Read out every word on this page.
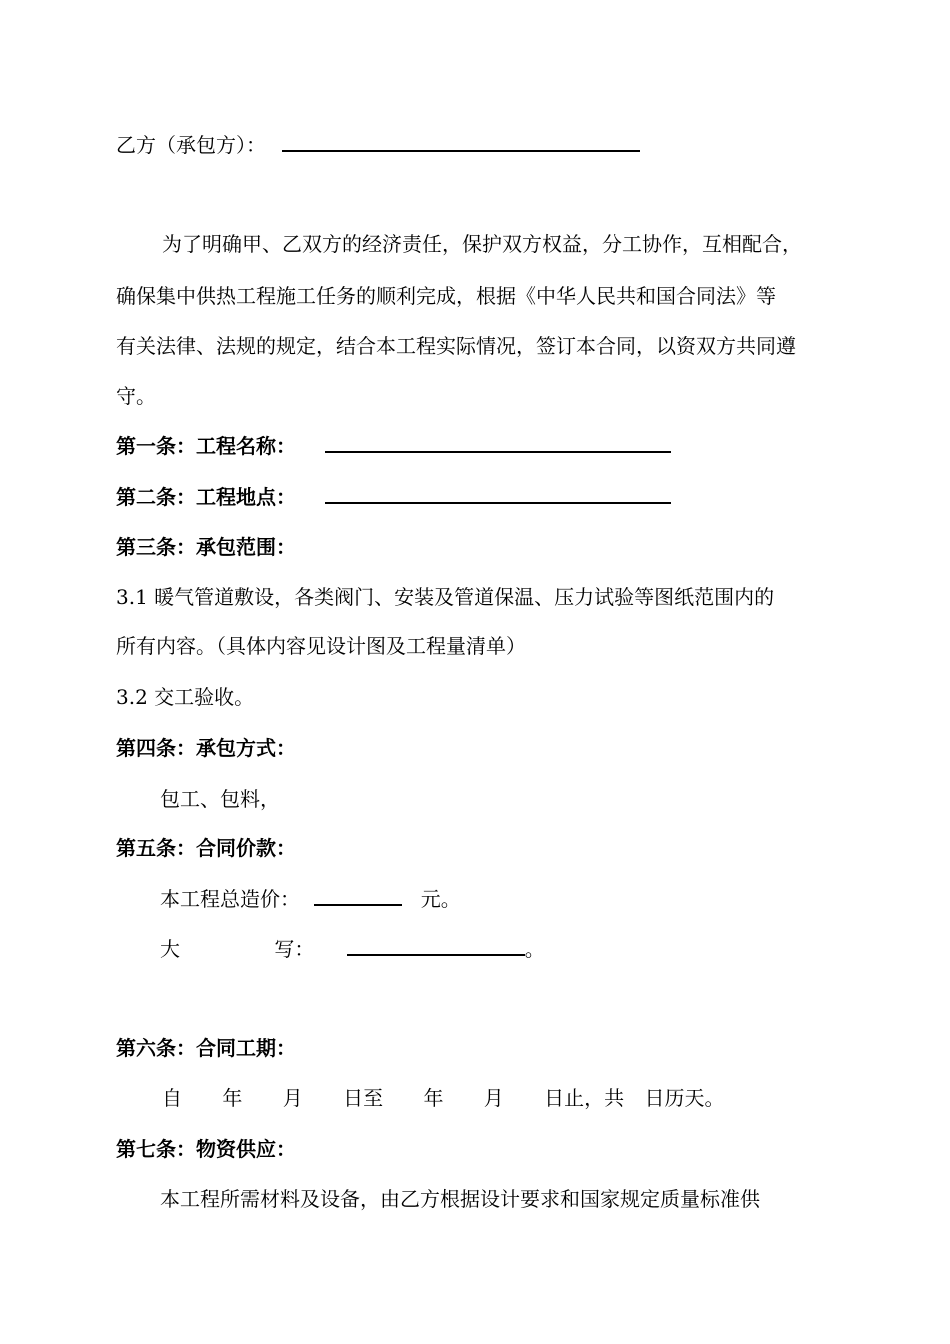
乙方（承包方）：
为了明确甲、乙双方的经济责任，保护双方权益，分工协作，互相配合，
确保集中供热工程施工任务的顺利完成，根据《中华人民共和国合同法》等
有关法律、法规的规定，结合本工程实际情况，签订本合同，以资双方共同遵
守。
第一条：工程名称：
第二条：工程地点：
第三条：承包范围：
3.1 暖气管道敷设，各类阀门、安装及管道保温、压力试验等图纸范围内的
所有内容。（具体内容见设计图及工程量清单）
3.2 交工验收。
第四条：承包方式：
包工、包料，
第五条：合同价款：
本工程总造价：	元。
大	写：	。
第六条：合同工期：
自 年 月 日至 年 月 日止，共 日历天。
第七条：物资供应：
本工程所需材料及设备，由乙方根据设计要求和国家规定质量标准供
